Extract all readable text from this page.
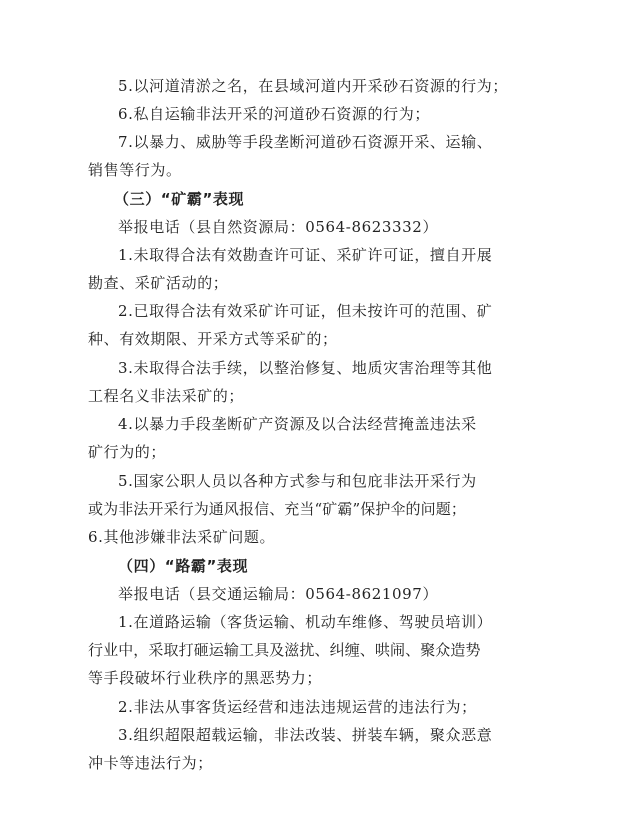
5.以河道清淤之名，在县域河道内开采砂石资源的行为；
6.私自运输非法开采的河道砂石资源的行为；
7.以暴力、威胁等手段垄断河道砂石资源开采、运输、
销售等行为。
（三）“矿霸”表现
举报电话（县自然资源局：0564-8623332）
1.未取得合法有效勘查许可证、采矿许可证，擅自开展
勘查、采矿活动的；
2.已取得合法有效采矿许可证，但未按许可的范围、矿
种、有效期限、开采方式等采矿的；
3.未取得合法手续，以整治修复、地质灾害治理等其他
工程名义非法采矿的；
4.以暴力手段垄断矿产资源及以合法经营掩盖违法采
矿行为的；
5.国家公职人员以各种方式参与和包庇非法开采行为
或为非法开采行为通风报信、充当“矿霸”保护伞的问题；
6.其他涉嫌非法采矿问题。
（四）“路霸”表现
举报电话（县交通运输局：0564-8621097）
1.在道路运输（客货运输、机动车维修、驾驶员培训）
行业中，采取打砸运输工具及滋扰、纠缠、哄闹、聚众造势
等手段破坏行业秩序的黑恶势力；
2.非法从事客货运经营和违法违规运营的违法行为；
3.组织超限超载运输，非法改装、拼装车辆，聚众恶意
冲卡等违法行为；
